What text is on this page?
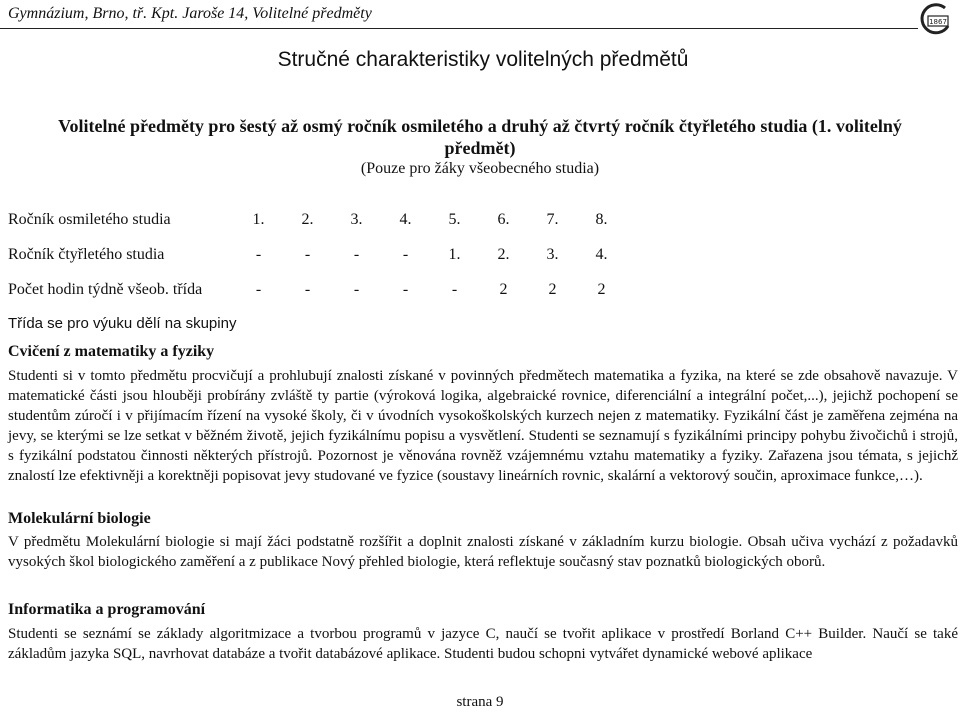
Gymnázium, Brno, tř. Kpt. Jaroše 14, Volitelné předměty	1867
Stručné charakteristiky volitelných předmětů
Volitelné předměty pro šestý až osmý ročník osmiletého a druhý až čtvrtý ročník čtyřletého studia (1. volitelný předmět)
(Pouze pro žáky všeobecného studia)
Ročník osmiletého studia	1.	2.	3.	4.	5.	6.	7.	8.
Ročník čtyřletého studia	-	-	-	-	1.	2.	3.	4.
Počet hodin týdně všeob. třída	-	-	-	-	-	2	2	2
Třída se pro výuku dělí na skupiny
Cvičení z matematiky a fyziky
Studenti si v tomto předmětu procvičují a prohlubují znalosti získané v povinných předmětech matematika a fyzika, na které se zde obsahově navazuje. V matematické části jsou hlouběji probírány zvláště ty partie (výroková logika, algebraické rovnice, diferenciální a integrální počet,...), jejichž pochopení se studentům zúročí i v přijímacím řízení na vysoké školy, či v úvodních vysokoškolských kurzech nejen z matematiky. Fyzikální část je zaměřena zejména na jevy, se kterými se lze setkat v běžném životě, jejich fyzikálnímu popisu a vysvětlení. Studenti se seznamují s fyzikálními principy pohybu živočichů i strojů, s fyzikální podstatou činnosti některých přístrojů. Pozornost je věnována rovněž vzájemnému vztahu matematiky a fyziky. Zařazena jsou témata, s jejichž znalostí lze efektivněji a korektněji popisovat jevy studované ve fyzice (soustavy lineárních rovnic, skalární a vektorový součin, aproximace funkce,…).
Molekulární biologie
V předmětu Molekulární biologie si mají žáci podstatně rozšířit a doplnit znalosti získané v základním kurzu biologie. Obsah učiva vychází z požadavků vysokých škol biologického zaměření a z publikace Nový přehled biologie, která reflektuje současný stav poznatků biologických oborů.
Informatika a programování
Studenti se seznámí se základy algoritmizace a tvorbou programů v jazyce C, naučí se tvořit aplikace v prostředí Borland C++ Builder. Naučí se také základům jazyka SQL, navrhovat databáze a tvořit databázové aplikace. Studenti budou schopni vytvářet dynamické webové aplikace
strana 9
